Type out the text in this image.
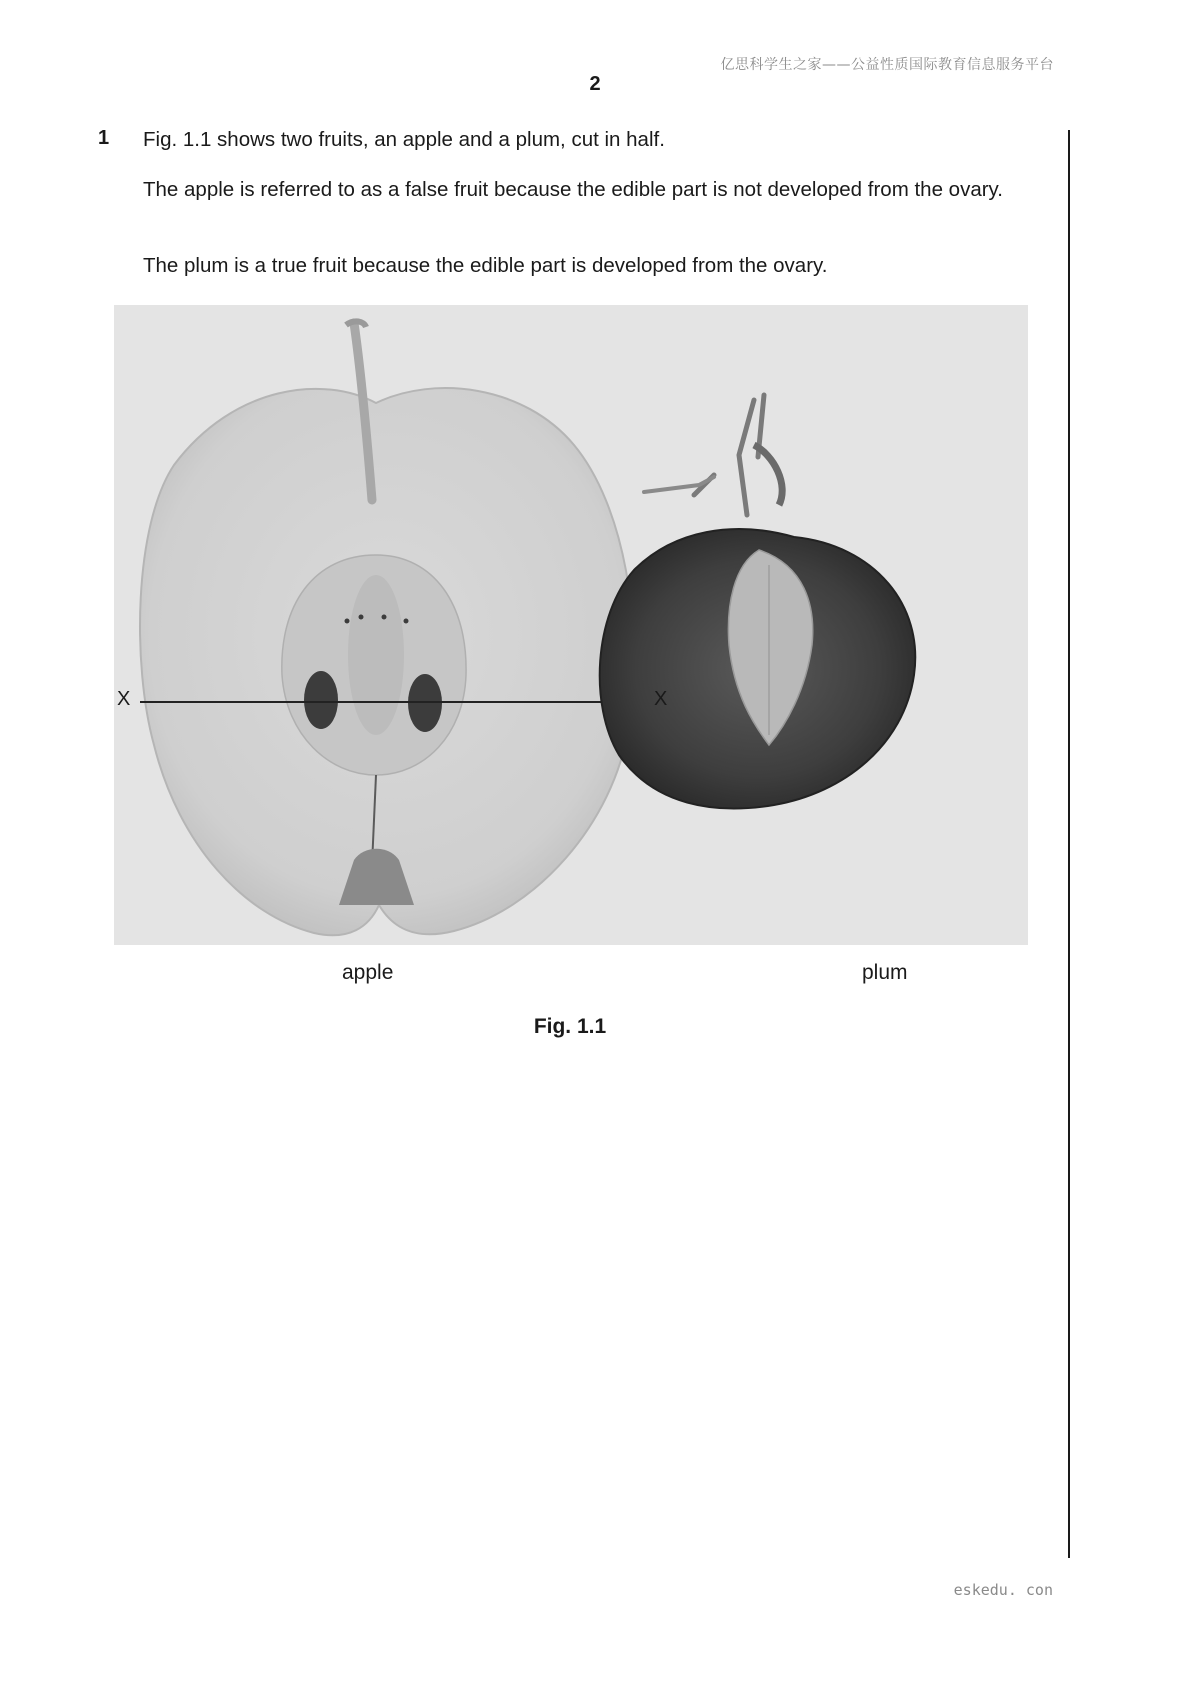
亿思科学生之家——公益性质国际教育信息服务平台
2
1 Fig. 1.1 shows two fruits, an apple and a plum, cut in half.

The apple is referred to as a false fruit because the edible part is not developed from the ovary.

The plum is a true fruit because the edible part is developed from the ovary.

X	X
apple	plum
Fig. 1.1
eskedu. con
